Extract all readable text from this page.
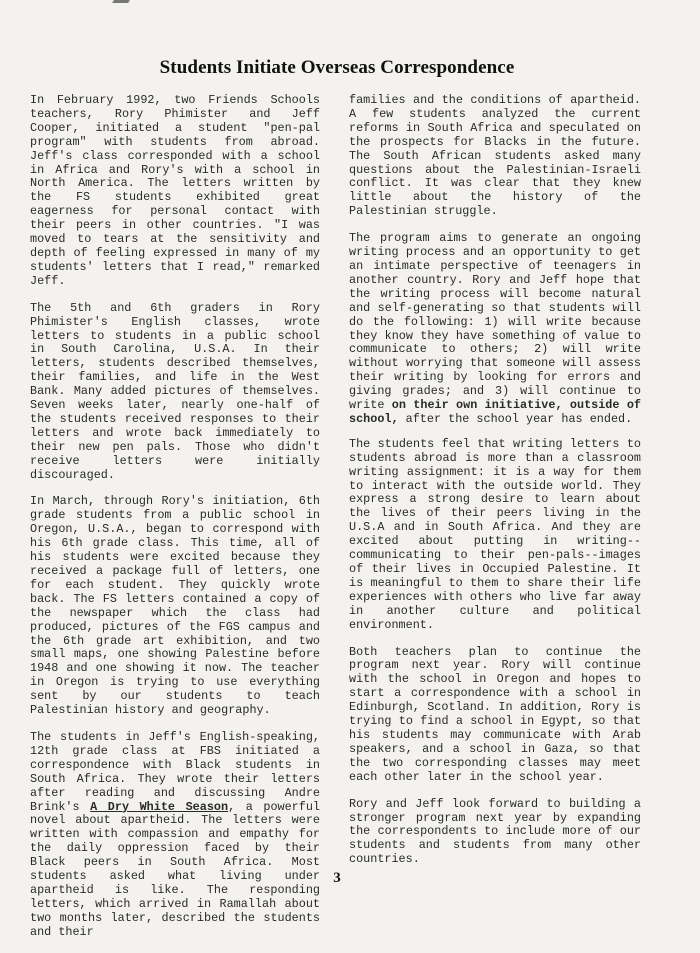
Students Initiate Overseas Correspondence

In February 1992, two Friends Schools teachers, Rory Phimister and Jeff Cooper, initiated a student "pen-pal program" with students from abroad. Jeff's class corresponded with a school in Africa and Rory's with a school in North America. The letters written by the FS students exhibited great eagerness for personal contact with their peers in other countries. "I was moved to tears at the sensitivity and depth of feeling expressed in many of my students' letters that I read," remarked Jeff.

The 5th and 6th graders in Rory Phimister's English classes, wrote letters to students in a public school in South Carolina, U.S.A. In their letters, students described themselves, their families, and life in the West Bank. Many added pictures of themselves. Seven weeks later, nearly one-half of the students received responses to their letters and wrote back immediately to their new pen pals. Those who didn't receive letters were initially discouraged.

In March, through Rory's initiation, 6th grade students from a public school in Oregon, U.S.A., began to correspond with his 6th grade class. This time, all of his students were excited because they received a package full of letters, one for each student. They quickly wrote back. The FS letters contained a copy of the newspaper which the class had produced, pictures of the FGS campus and the 6th grade art exhibition, and two small maps, one showing Palestine before 1948 and one showing it now. The teacher in Oregon is trying to use everything sent by our students to teach Palestinian history and geography.

The students in Jeff's English-speaking, 12th grade class at FBS initiated a correspondence with Black students in South Africa. They wrote their letters after reading and discussing Andre Brink's A Dry White Season, a powerful novel about apartheid. The letters were written with compassion and empathy for the daily oppression faced by their Black peers in South Africa. Most students asked what living under apartheid is like. The responding letters, which arrived in Ramallah about two months later, described the students and their

families and the conditions of apartheid. A few students analyzed the current reforms in South Africa and speculated on the prospects for Blacks in the future. The South African students asked many questions about the Palestinian-Israeli conflict. It was clear that they knew little about the history of the Palestinian struggle.

The program aims to generate an ongoing writing process and an opportunity to get an intimate perspective of teenagers in another country. Rory and Jeff hope that the writing process will become natural and self-generating so that students will do the following: 1) will write because they know they have something of value to communicate to others; 2) will write without worrying that someone will assess their writing by looking for errors and giving grades; and 3) will continue to write on their own initiative, outside of school, after the school year has ended.

The students feel that writing letters to students abroad is more than a classroom writing assignment: it is a way for them to interact with the outside world. They express a strong desire to learn about the lives of their peers living in the U.S.A and in South Africa. And they are excited about putting in writing--communicating to their pen-pals--images of their lives in Occupied Palestine. It is meaningful to them to share their life experiences with others who live far away in another culture and political environment.

Both teachers plan to continue the program next year. Rory will continue with the school in Oregon and hopes to start a correspondence with a school in Edinburgh, Scotland. In addition, Rory is trying to find a school in Egypt, so that his students may communicate with Arab speakers, and a school in Gaza, so that the two corresponding classes may meet each other later in the school year.

Rory and Jeff look forward to building a stronger program next year by expanding the correspondents to include more of our students and students from many other countries.

3
